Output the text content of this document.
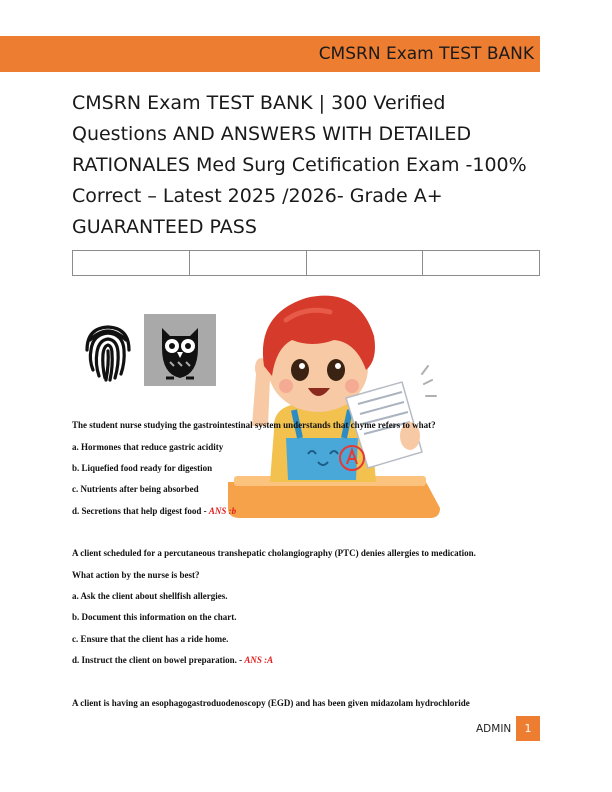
CMSRN Exam TEST BANK
CMSRN Exam TEST BANK | 300 Verified Questions AND ANSWERS WITH DETAILED RATIONALES Med Surg Cetification Exam -100% Correct – Latest 2025 /2026- Grade A+ GUARANTEED PASS

The student nurse studying the gastrointestinal system understands that chyme refers to what?
a. Hormones that reduce gastric acidity
b. Liquefied food ready for digestion
c. Nutrients after being absorbed
d. Secretions that help digest food - ANS :b
A client scheduled for a percutaneous transhepatic cholangiography (PTC) denies allergies to medication.
What action by the nurse is best?
a. Ask the client about shellfish allergies.
b. Document this information on the chart.
c. Ensure that the client has a ride home.
d. Instruct the client on bowel preparation. - ANS :A
A client is having an esophagogastroduodenoscopy (EGD) and has been given midazolam hydrochloride
ADMIN	1
